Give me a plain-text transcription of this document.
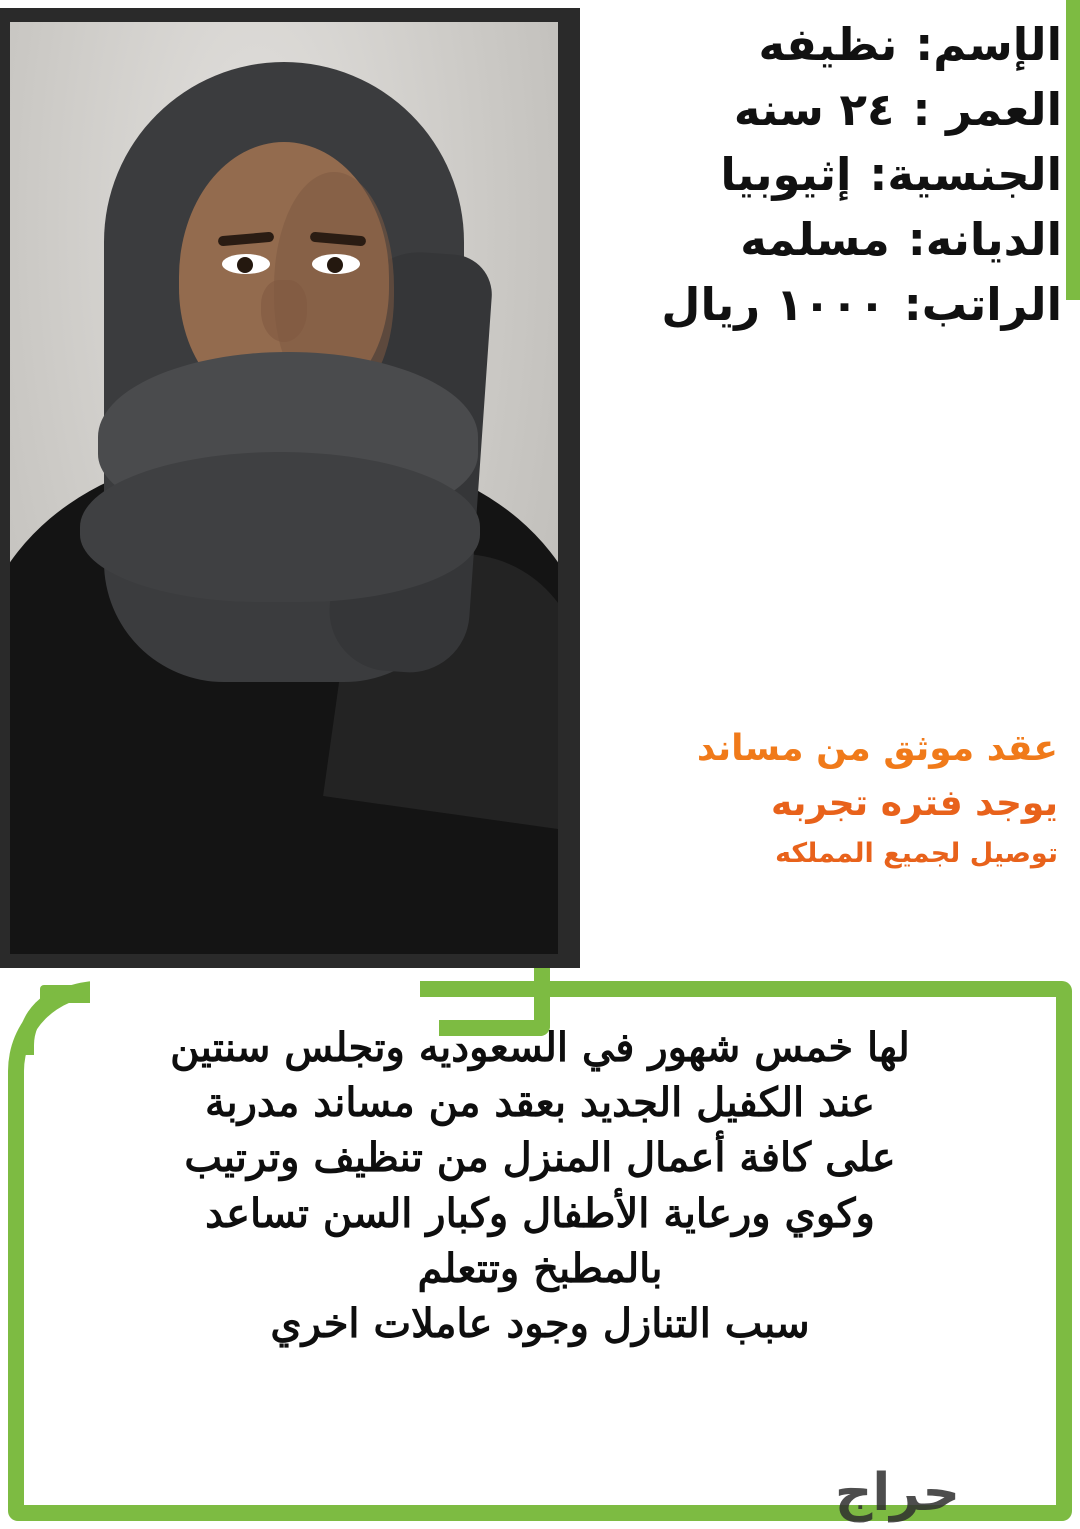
الإسم:
نظيفه
العمر :
٢٤ سنه
الجنسية:
إثيوبيا
الديانه:
مسلمه
الراتب:
١٠٠٠ ريال
عقد موثق من مساند
يوجد فتره تجربه
توصيل لجميع المملكه

لها خمس شهور في السعوديه وتجلس سنتين

عند الكفيل الجديد بعقد من مساند مدربة

على كافة أعمال المنزل من تنظيف وترتيب

وكوي ورعاية الأطفال وكبار السن تساعد

بالمطبخ وتتعلم

سبب التنازل وجود عاملات اخري

حراج
